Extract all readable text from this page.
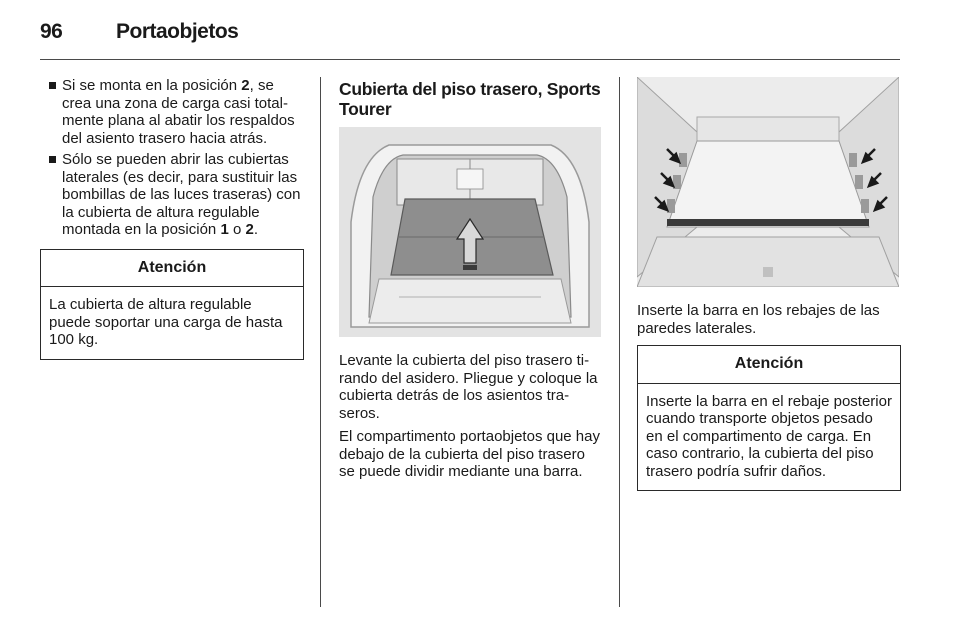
96	Portaobjetos
Si se monta en la posición 2, se crea una zona de carga casi totalmente plana al abatir los respaldos del asiento trasero hacia atrás.
Sólo se pueden abrir las cubiertas laterales (es decir, para sustituir las bombillas de las luces traseras) con la cubierta de altura regulable montada en la posición 1 o 2.
Atención
La cubierta de altura regulable puede soportar una carga de hasta 100 kg.
Cubierta del piso trasero, Sports Tourer

Levante la cubierta del piso trasero tirando del asidero. Pliegue y coloque la cubierta detrás de los asientos traseros.

El compartimento portaobjetos que hay debajo de la cubierta del piso trasero se puede dividir mediante una barra.

Inserte la barra en los rebajes de las paredes laterales.

Atención
Inserte la barra en el rebaje posterior cuando transporte objetos pesado en el compartimento de carga. En caso contrario, la cubierta del piso trasero podría sufrir daños.
